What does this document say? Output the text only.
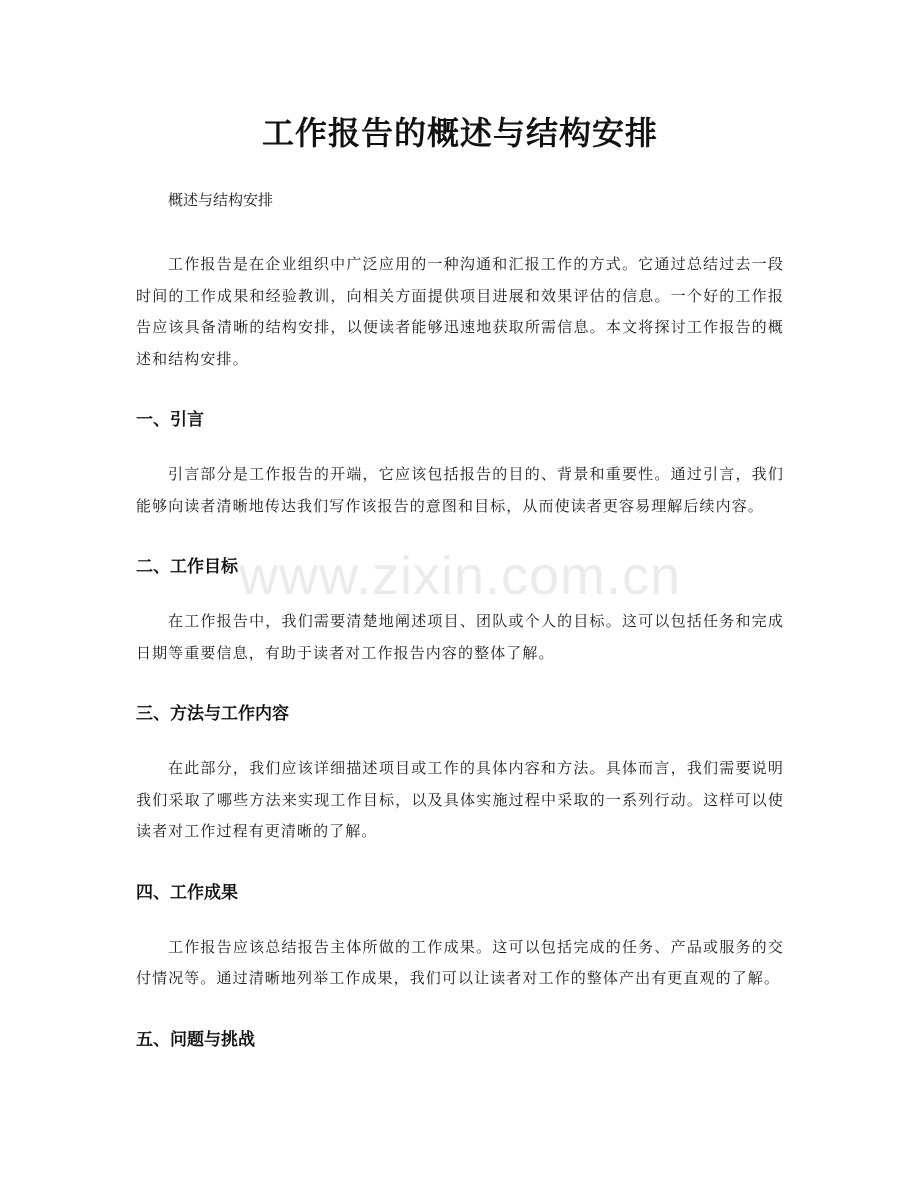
工作报告的概述与结构安排
www.zixin.com.cn

概述与结构安排

工作报告是在企业组织中广泛应用的一种沟通和汇报工作的方式。它通过总结过去一段时间的工作成果和经验教训，向相关方面提供项目进展和效果评估的信息。一个好的工作报告应该具备清晰的结构安排，以便读者能够迅速地获取所需信息。本文将探讨工作报告的概述和结构安排。

一、引言

引言部分是工作报告的开端，它应该包括报告的目的、背景和重要性。通过引言，我们能够向读者清晰地传达我们写作该报告的意图和目标，从而使读者更容易理解后续内容。

二、工作目标

在工作报告中，我们需要清楚地阐述项目、团队或个人的目标。这可以包括任务和完成日期等重要信息，有助于读者对工作报告内容的整体了解。

三、方法与工作内容

在此部分，我们应该详细描述项目或工作的具体内容和方法。具体而言，我们需要说明我们采取了哪些方法来实现工作目标，以及具体实施过程中采取的一系列行动。这样可以使读者对工作过程有更清晰的了解。

四、工作成果

工作报告应该总结报告主体所做的工作成果。这可以包括完成的任务、产品或服务的交付情况等。通过清晰地列举工作成果，我们可以让读者对工作的整体产出有更直观的了解。

五、问题与挑战
